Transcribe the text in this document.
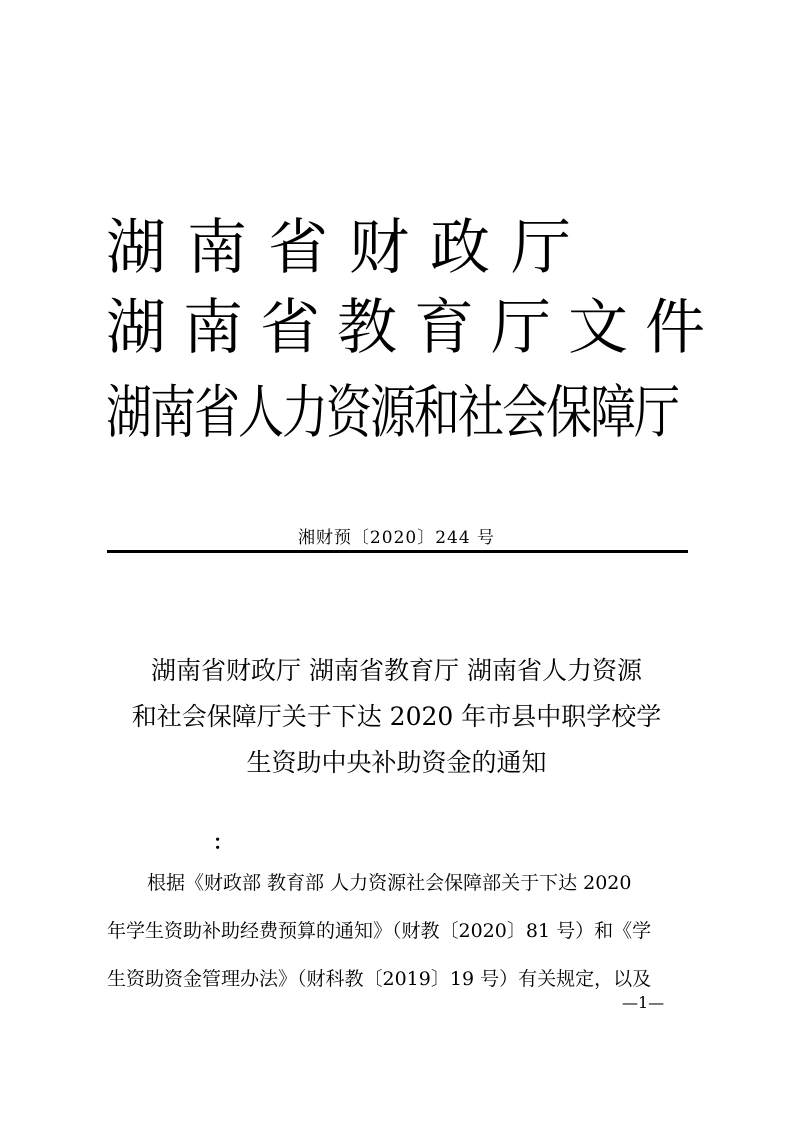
湖南省财政厅
湖南省教育厅文件
湖南省人力资源和社会保障厅
湘财预〔2020〕244 号
湖南省财政厅 湖南省教育厅 湖南省人力资源
和社会保障厅关于下达 2020 年市县中职学校学
生资助中央补助资金的通知
：
根据《财政部 教育部 人力资源社会保障部关于下达 2020
年学生资助补助经费预算的通知》（财教〔2020〕81 号）和《学
生资助资金管理办法》（财科教〔2019〕19 号）有关规定，以及
—1—
